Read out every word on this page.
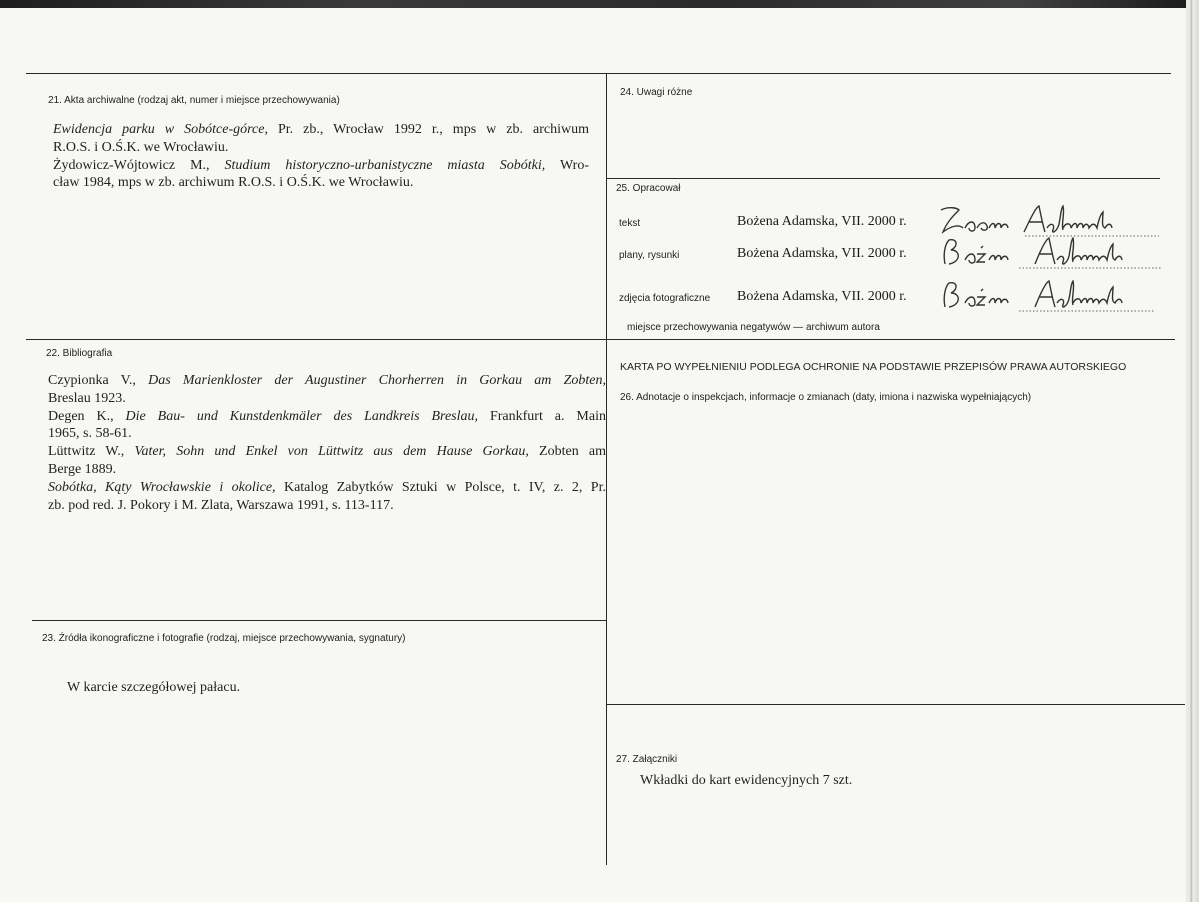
21. Akta archiwalne (rodzaj akt, numer i miejsce przechowywania)
Ewidencja parku w Sobótce-górce, Pr. zb., Wrocław 1992 r., mps w zb. archiwum
R.O.S. i O.Ś.K. we Wrocławiu.
Żydowicz-Wójtowicz M., Studium historyczno-urbanistyczne miasta Sobótki, Wro-
cław 1984, mps w zb. archiwum R.O.S. i O.Ś.K. we Wrocławiu.
22. Bibliografia
Czypionka V., Das Marienkloster der Augustiner Chorherren in Gorkau am Zobten,
Breslau 1923.
Degen K., Die Bau- und Kunstdenkmäler des Landkreis Breslau, Frankfurt a. Main
1965, s. 58-61.
Lüttwitz W., Vater, Sohn und Enkel von Lüttwitz aus dem Hause Gorkau, Zobten am
Berge 1889.
Sobótka, Kąty Wrocławskie i okolice, Katalog Zabytków Sztuki w Polsce, t. IV, z. 2, Pr.
zb. pod red. J. Pokory i M. Zlata, Warszawa 1991, s. 113-117.
23. Źródła ikonograficzne i fotografie (rodzaj, miejsce przechowywania, sygnatury)
W karcie szczegółowej pałacu.
24. Uwagi różne
25. Opracował
tekst	Bożena Adamska, VII. 2000 r.
plany, rysunki	Bożena Adamska, VII. 2000 r.
zdjęcia fotograficzne Bożena Adamska, VII. 2000 r.
miejsce przechowywania negatywów — archiwum autora
KARTA PO WYPEŁNIENIU PODLEGA OCHRONIE NA PODSTAWIE PRZEPISÓW PRAWA AUTORSKIEGO
26. Adnotacje o inspekcjach, informacje o zmianach (daty, imiona i nazwiska wypełniających)
27. Załączniki
Wkładki do kart ewidencyjnych 7 szt.
